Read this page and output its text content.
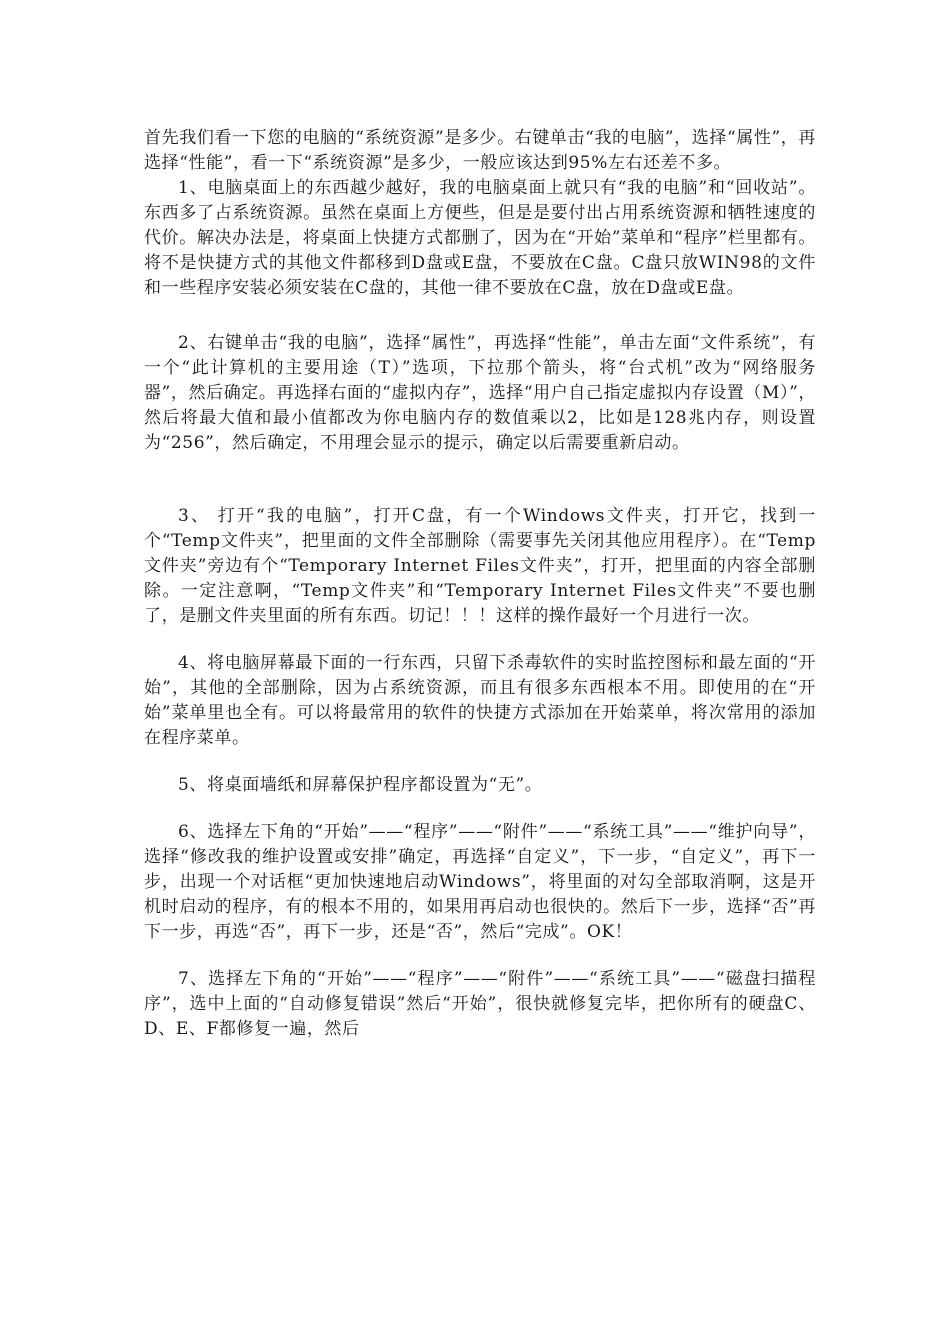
首先我们看一下您的电脑的“系统资源”是多少。右键单击“我的电脑”，选择“属性”，再选择“性能”，看一下“系统资源”是多少，一般应该达到95%左右还差不多。

1、电脑桌面上的东西越少越好，我的电脑桌面上就只有“我的电脑”和“回收站”。东西多了占系统资源。虽然在桌面上方便些，但是是要付出占用系统资源和牺牲速度的代价。解决办法是，将桌面上快捷方式都删了，因为在“开始”菜单和“程序”栏里都有。将不是快捷方式的其他文件都移到D盘或E盘，不要放在C盘。C盘只放WIN98的文件和一些程序安装必须安装在C盘的，其他一律不要放在C盘，放在D盘或E盘。

2、右键单击“我的电脑”，选择“属性”，再选择“性能”，单击左面“文件系统”，有一个“此计算机的主要用途（T）”选项，下拉那个箭头，将“台式机”改为“网络服务器”，然后确定。再选择右面的“虚拟内存”，选择“用户自己指定虚拟内存设置（M）”，然后将最大值和最小值都改为你电脑内存的数值乘以2，比如是128兆内存，则设置为“256”，然后确定，不用理会显示的提示，确定以后需要重新启动。

3、 打开“我的电脑”，打开C盘，有一个Windows文件夹，打开它，找到一个“Temp文件夹”，把里面的文件全部删除（需要事先关闭其他应用程序）。在“Temp文件夹”旁边有个“Temporary Internet Files文件夹”，打开，把里面的内容全部删除。一定注意啊，“Temp文件夹”和“Temporary Internet Files文件夹”不要也删了，是删文件夹里面的所有东西。切记！！！这样的操作最好一个月进行一次。

4、将电脑屏幕最下面的一行东西，只留下杀毒软件的实时监控图标和最左面的“开始”，其他的全部删除，因为占系统资源，而且有很多东西根本不用。即使用的在“开始”菜单里也全有。可以将最常用的软件的快捷方式添加在开始菜单，将次常用的添加在程序菜单。

5、将桌面墙纸和屏幕保护程序都设置为“无”。

6、选择左下角的“开始”——“程序”——“附件”——“系统工具”——“维护向导”，选择“修改我的维护设置或安排”确定，再选择“自定义”，下一步，“自定义”，再下一步，出现一个对话框“更加快速地启动Windows”，将里面的对勾全部取消啊，这是开机时启动的程序，有的根本不用的，如果用再启动也很快的。然后下一步，选择“否”再下一步，再选“否”，再下一步，还是“否”，然后“完成”。OK！

7、选择左下角的“开始”——“程序”——“附件”——“系统工具”——“磁盘扫描程序”，选中上面的“自动修复错误”然后“开始”，很快就修复完毕，把你所有的硬盘C、D、E、F都修复一遍，然后
